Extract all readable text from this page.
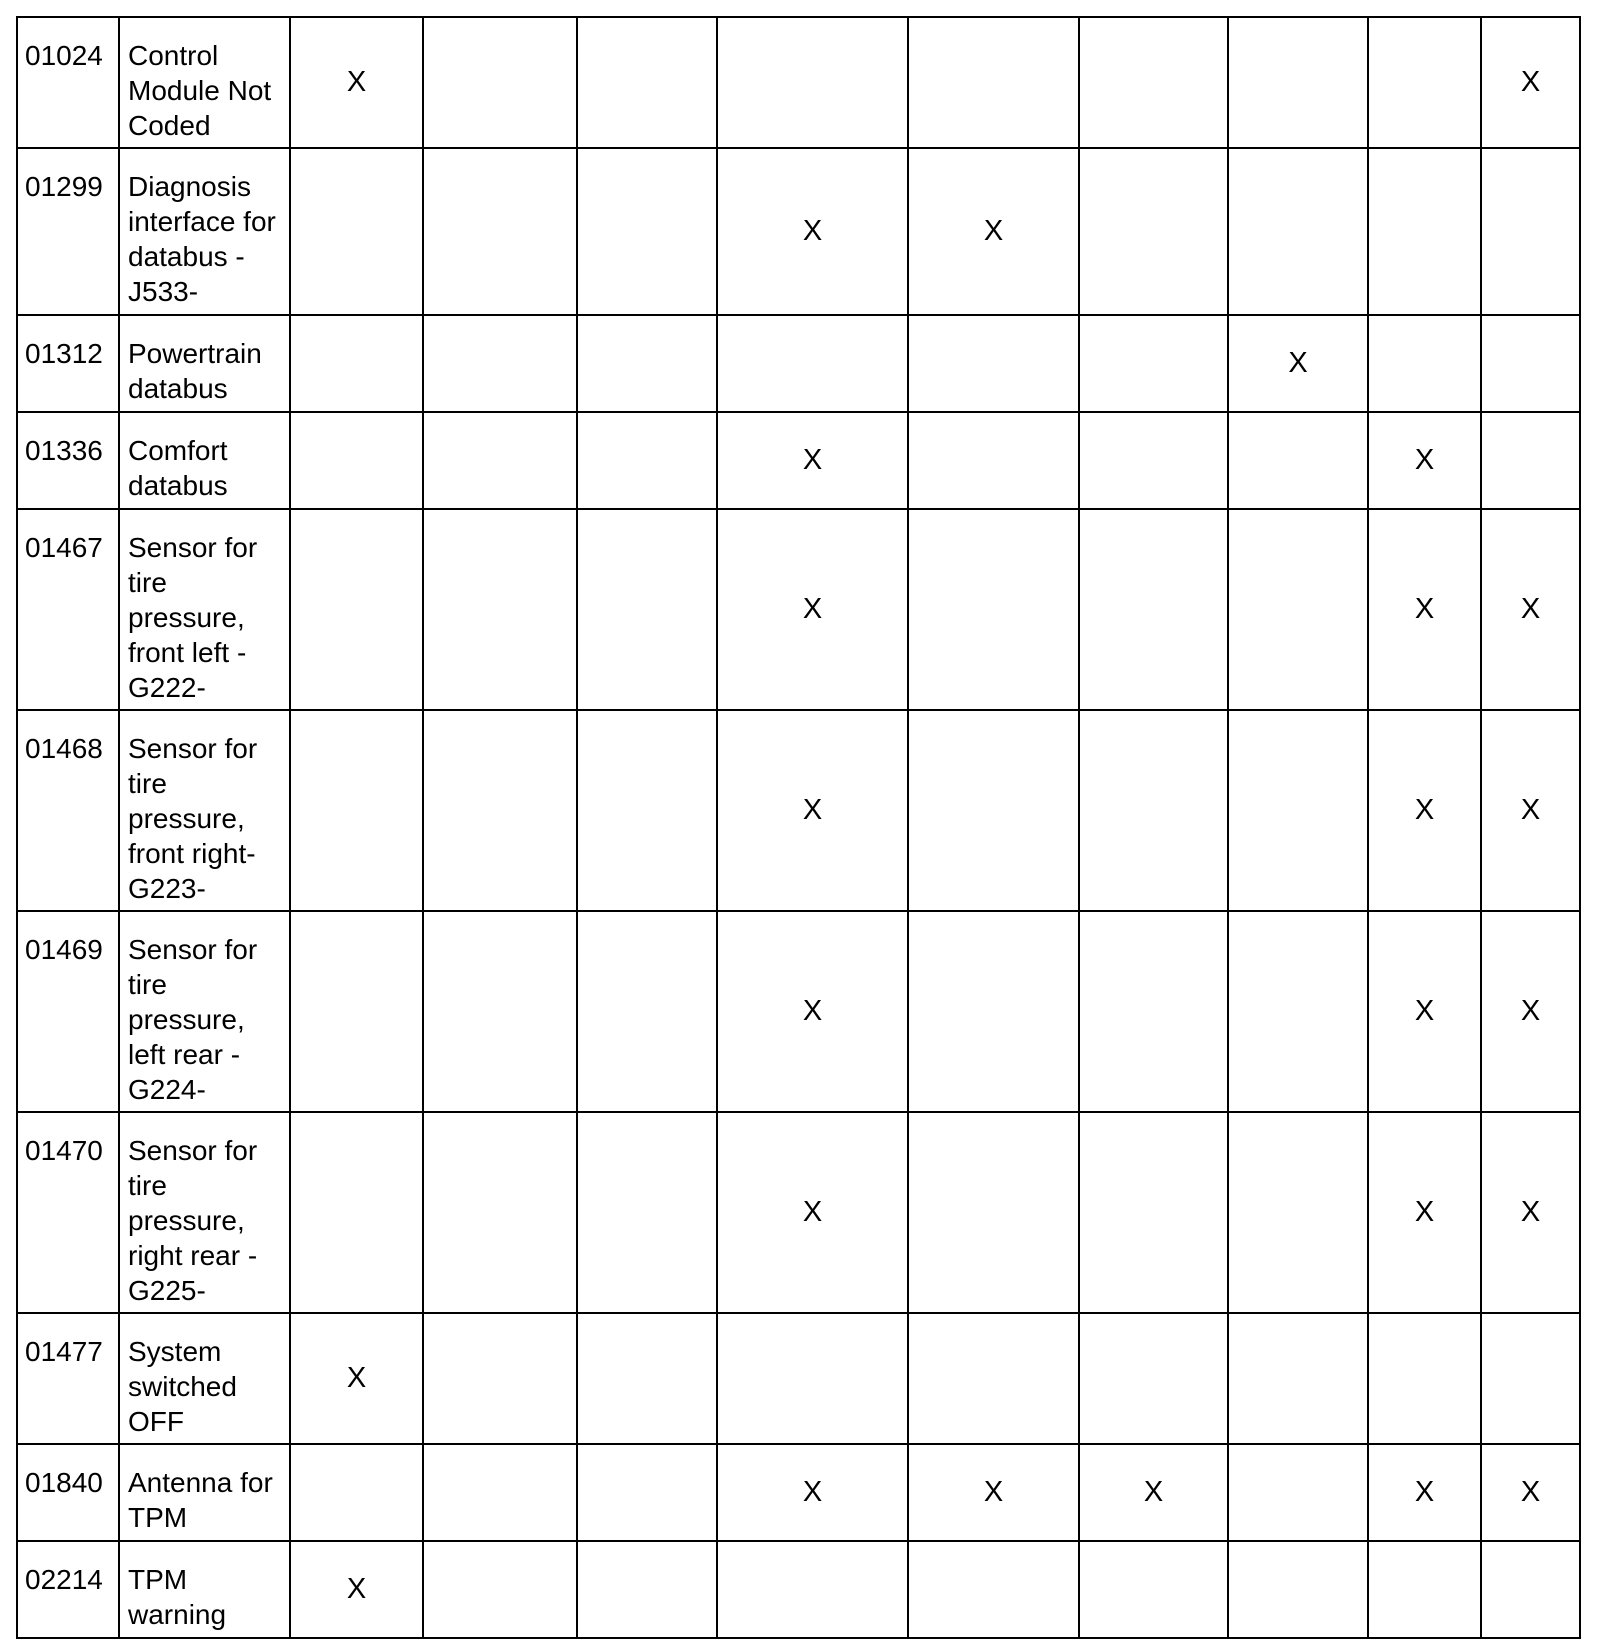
01024	Control Module Not Coded	X								X
01299	Diagnosis interface for databus -J533-				X	X				
01312	Powertrain databus							X		
01336	Comfort databus				X				X	
01467	Sensor for tire pressure, front left -G222-				X				X	X
01468	Sensor for tire pressure, front right-G223-				X				X	X
01469	Sensor for tire pressure, left rear -G224-				X				X	X
01470	Sensor for tire pressure, right rear -G225-				X				X	X
01477	System switched OFF	X								
01840	Antenna for TPM				X	X	X		X	X
02214	TPM warning	X								
